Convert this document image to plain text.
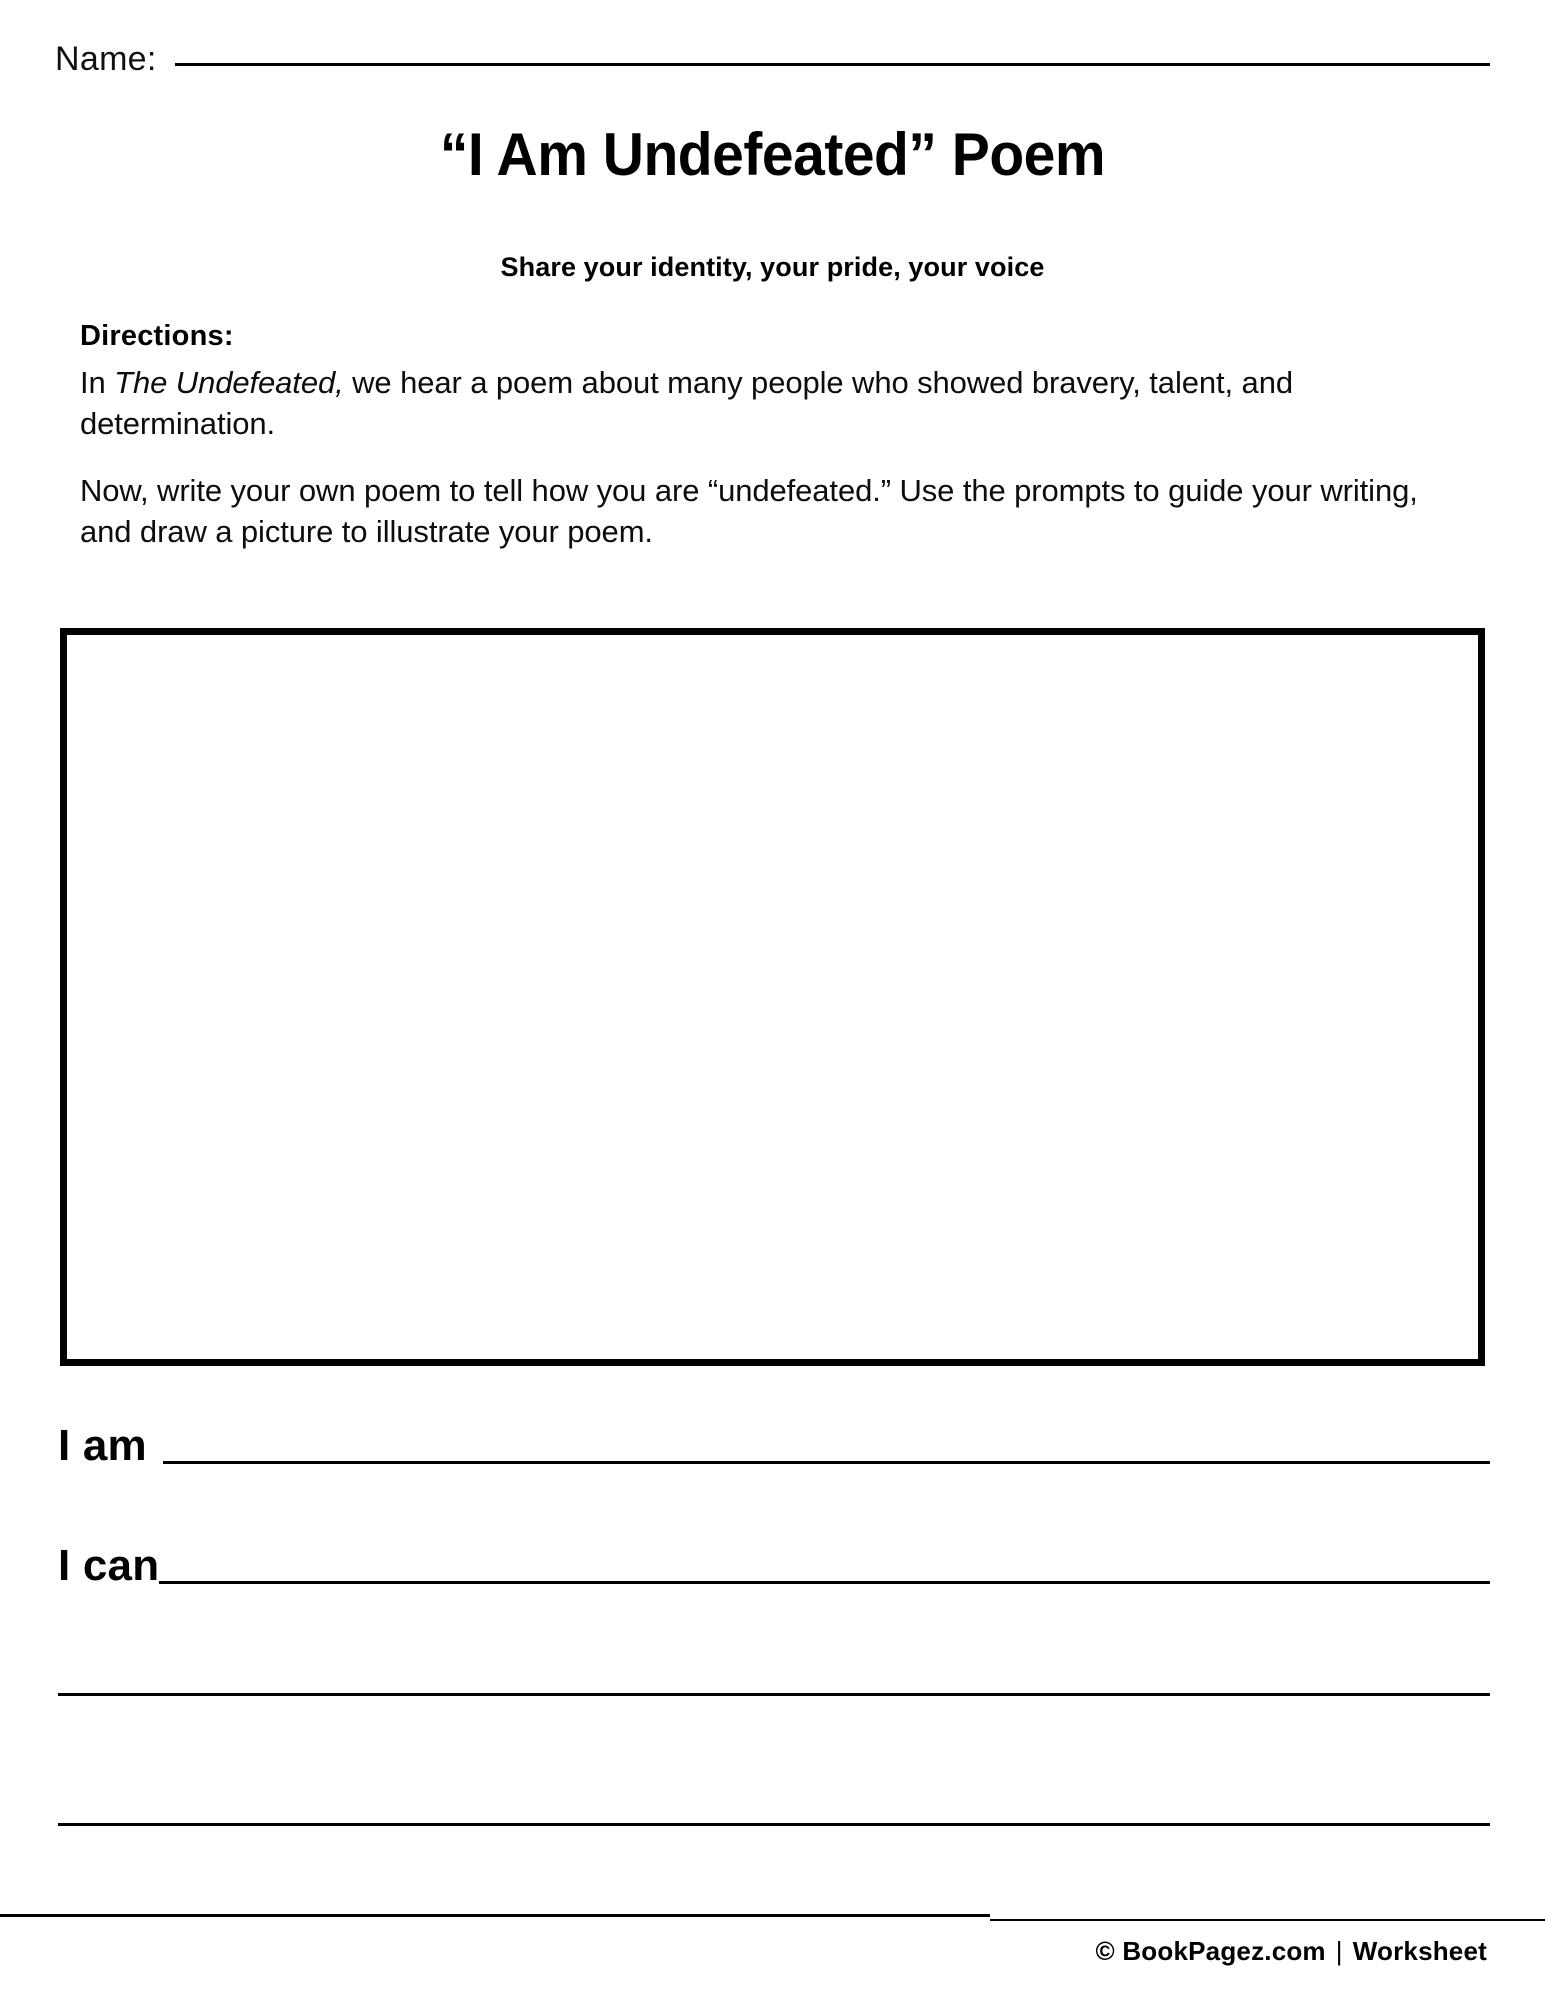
Name:
“I Am Undefeated” Poem
Share your identity, your pride, your voice
Directions:

In The Undefeated, we hear a poem about many people who showed bravery, talent, and determination.

Now, write your own poem to tell how you are “undefeated.” Use the prompts to guide your writing, and draw a picture to illustrate your poem.

I am
I can
© BookPagez.com | Worksheet
